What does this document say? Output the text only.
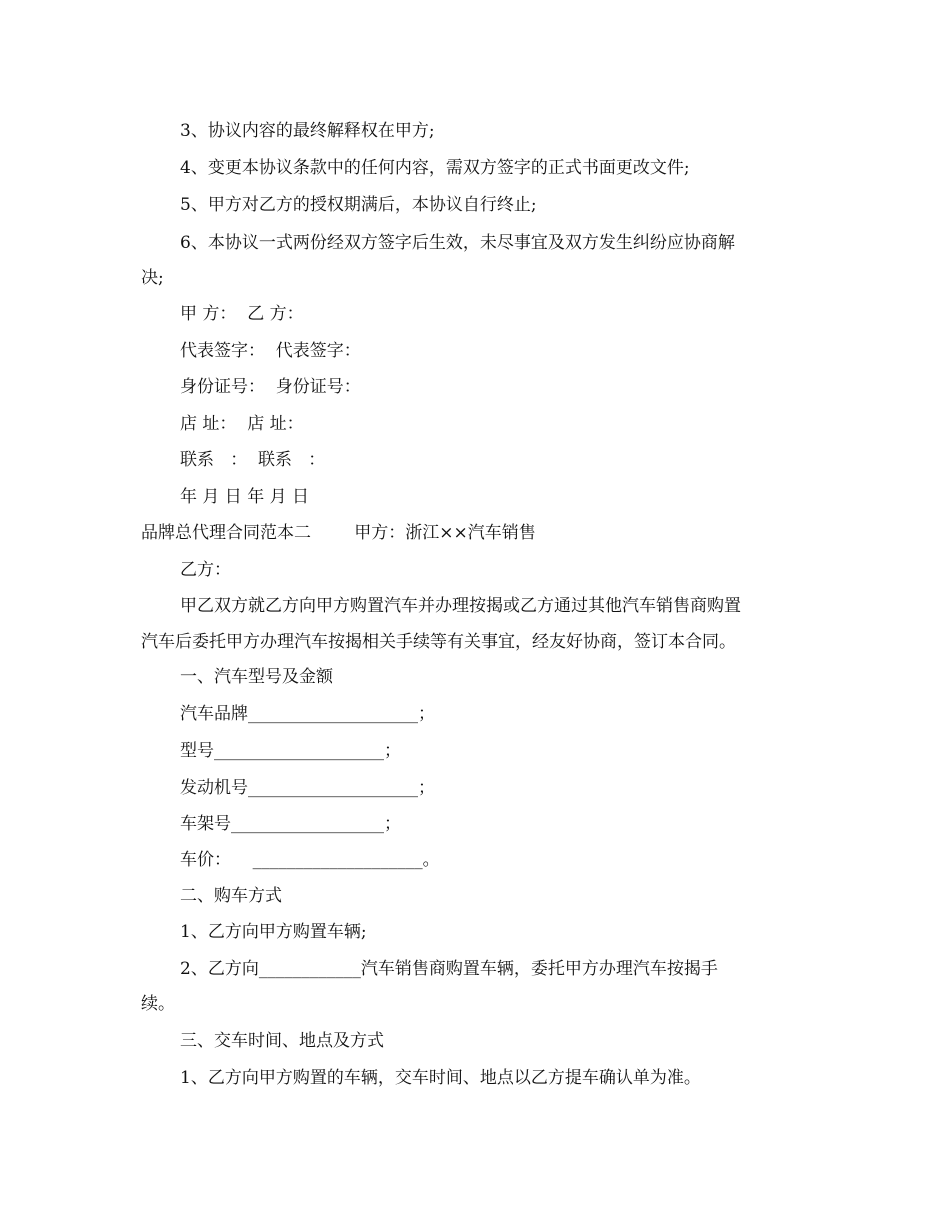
3、协议内容的最终解释权在甲方;
4、变更本协议条款中的任何内容，需双方签字的正式书面更改文件;
5、甲方对乙方的授权期满后，本协议自行终止;
6、本协议一式两份经双方签字后生效，未尽事宜及双方发生纠纷应协商解
决;
甲 方：  乙 方：
代表签字：  代表签字：
身份证号：  身份证号：
店 址：  店 址：
联系   ：  联系   ：
年 月 日 年 月 日
品牌总代理合同范本二        甲方：浙江××汽车销售
乙方：
甲乙双方就乙方向甲方购置汽车并办理按揭或乙方通过其他汽车销售商购置
汽车后委托甲方办理汽车按揭相关手续等有关事宜，经友好协商，签订本合同。
一、汽车型号及金额
汽车品牌____________________；
型号____________________；
发动机号____________________；
车架号__________________；
车价：    ____________________。
二、购车方式
1、乙方向甲方购置车辆;
2、乙方向____________汽车销售商购置车辆，委托甲方办理汽车按揭手
续。
三、交车时间、地点及方式
1、乙方向甲方购置的车辆，交车时间、地点以乙方提车确认单为准。
